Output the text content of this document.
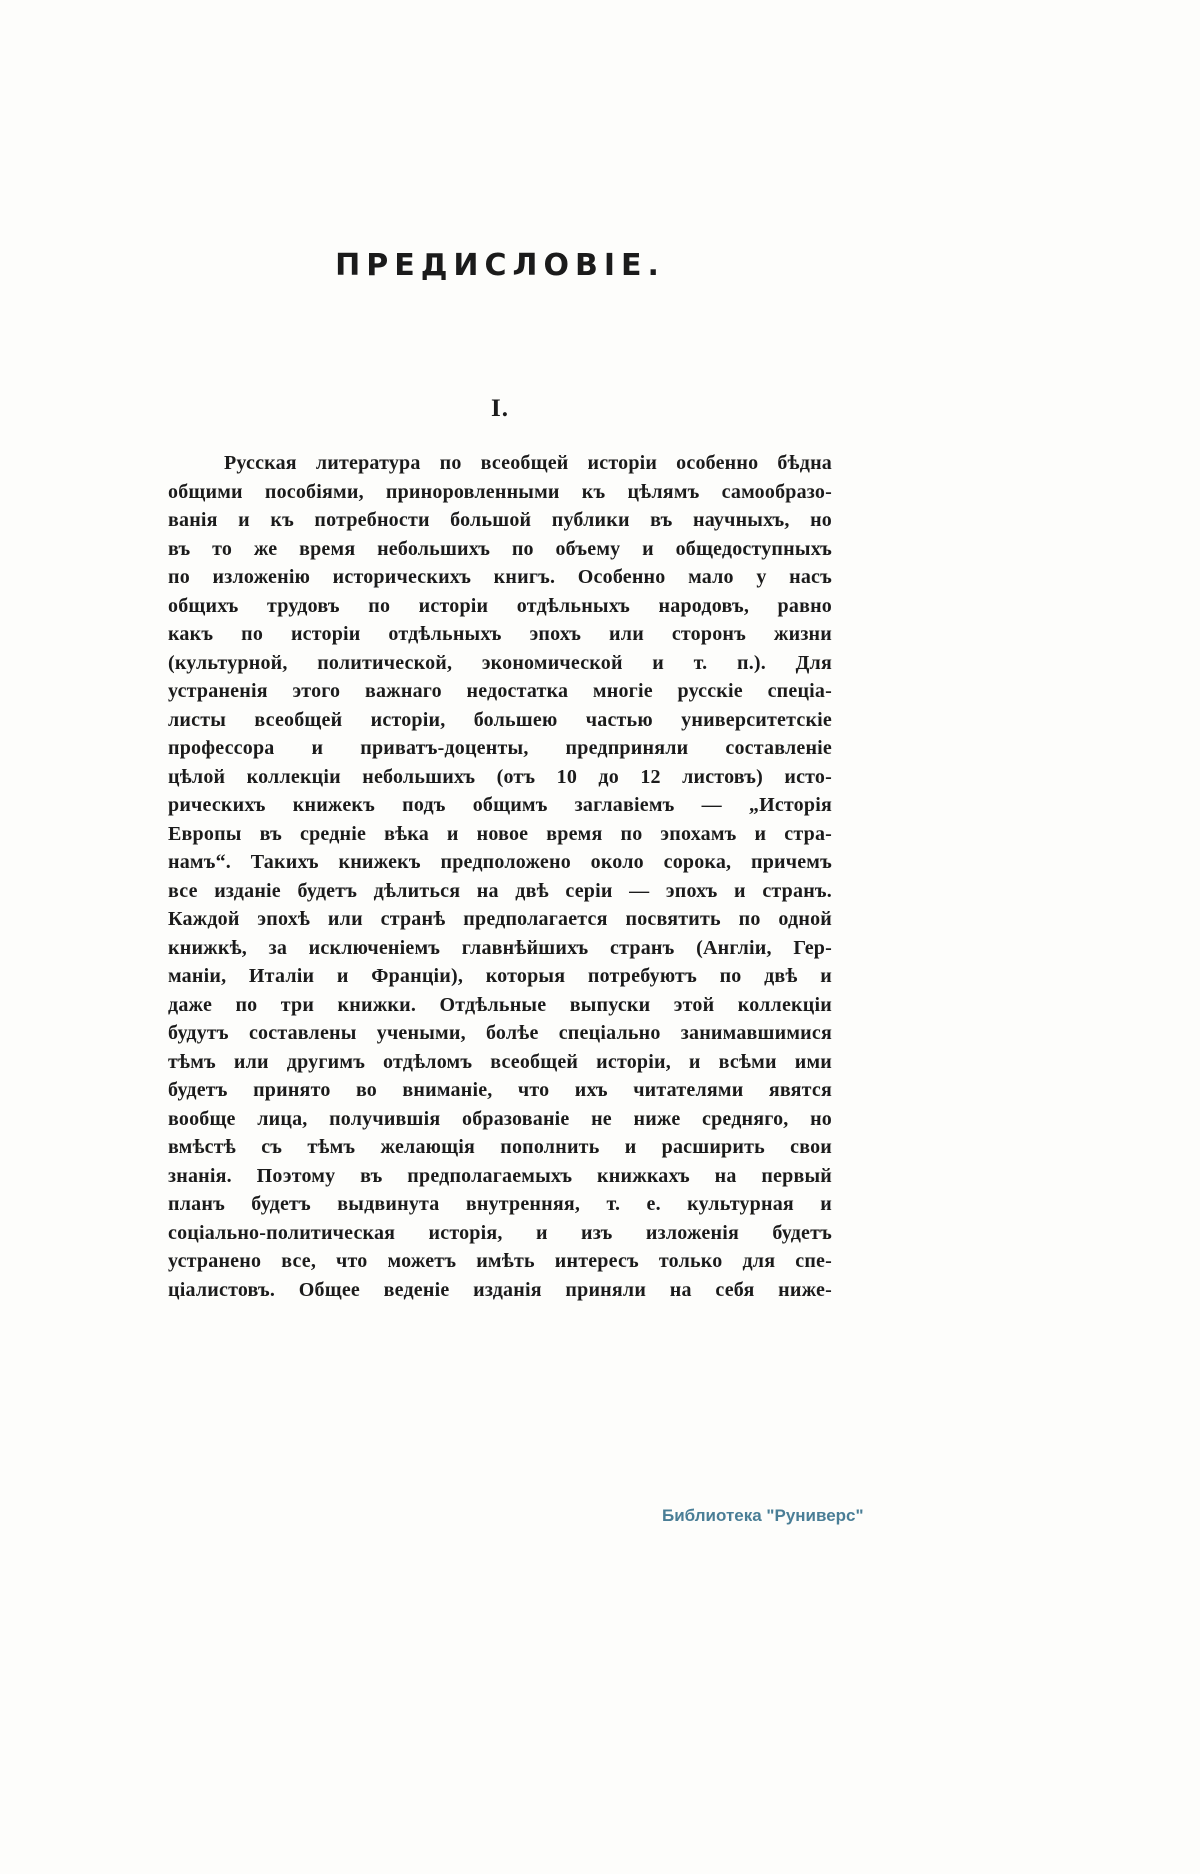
ПРЕДИСЛОВIЕ.
I.
Русская литература по всеобщей исторіи особенно бѣдна
общими пособіями, приноровленными къ цѣлямъ самообразо-
ванія и къ потребности большой публики въ научныхъ, но
въ то же время небольшихъ по объему и общедоступныхъ
по изложенію историческихъ книгъ. Особенно мало у насъ
общихъ трудовъ по исторіи отдѣльныхъ народовъ, равно
какъ по исторіи отдѣльныхъ эпохъ или сторонъ жизни
(культурной, политической, экономической и т. п.). Для
устраненія этого важнаго недостатка многіе русскіе спеціа-
листы всеобщей исторіи, большею частью университетскіе
профессора и приватъ-доценты, предприняли составленіе
цѣлой коллекціи небольшихъ (отъ 10 до 12 листовъ) исто-
рическихъ книжекъ подъ общимъ заглавіемъ — „Исторія
Европы въ средніе вѣка и новое время по эпохамъ и стра-
намъ“. Такихъ книжекъ предположено около сорока, причемъ
все изданіе будетъ дѣлиться на двѣ серіи — эпохъ и странъ.
Каждой эпохѣ или странѣ предполагается посвятить по одной
книжкѣ, за исключеніемъ главнѣйшихъ странъ (Англіи, Гер-
маніи, Италіи и Франціи), которыя потребуютъ по двѣ и
даже по три книжки. Отдѣльные выпуски этой коллекціи
будутъ составлены учеными, болѣе спеціально занимавшимися
тѣмъ или другимъ отдѣломъ всеобщей исторіи, и всѣми ими
будетъ принято во вниманіе, что ихъ читателями явятся
вообще лица, получившія образованіе не ниже средняго, но
вмѣстѣ съ тѣмъ желающія пополнить и расширить свои
знанія. Поэтому въ предполагаемыхъ книжкахъ на первый
планъ будетъ выдвинута внутренняя, т. е. культурная и
соціально-политическая исторія, и изъ изложенія будетъ
устранено все, что можетъ имѣть интересъ только для спе-
ціалистовъ. Общее веденіе изданія приняли на себя ниже-
Библиотека "Руниверс"
